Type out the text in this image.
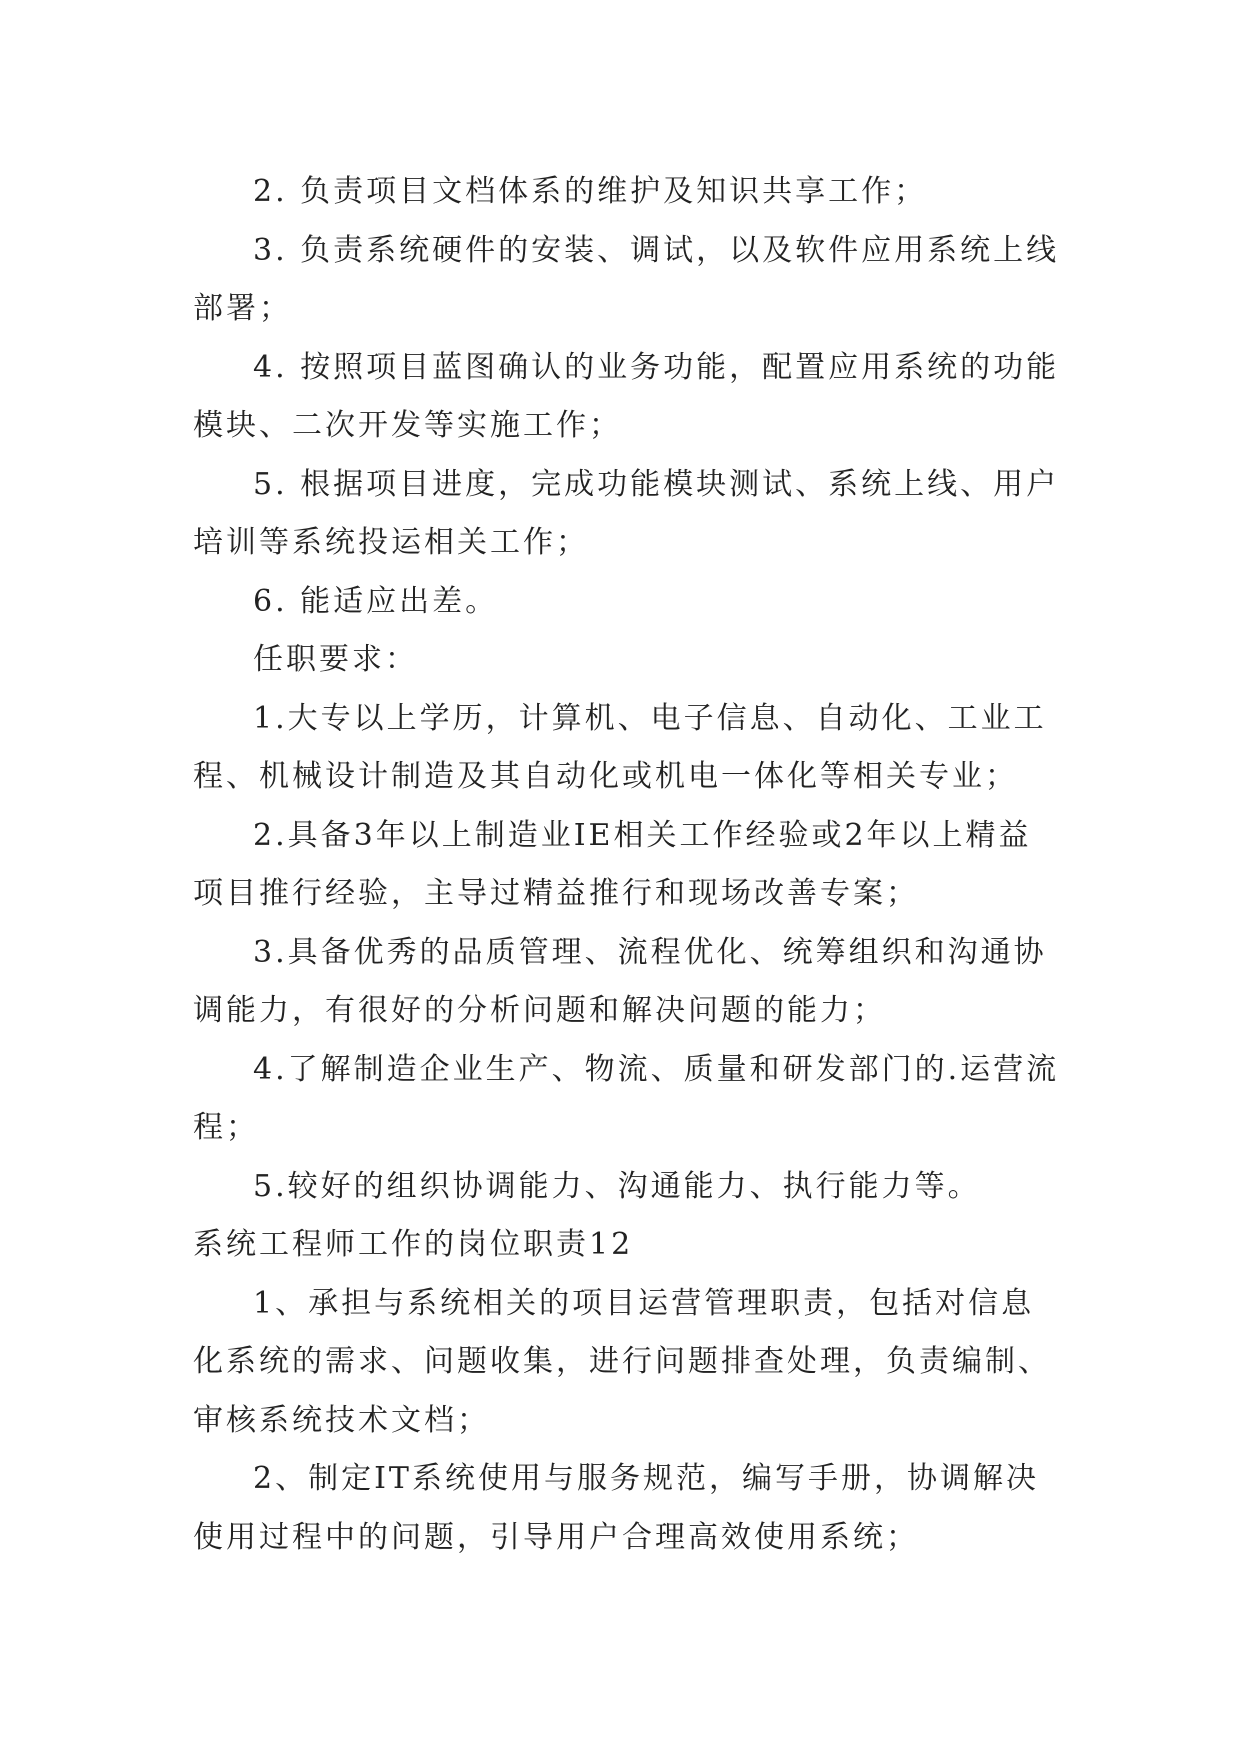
2. 负责项目文档体系的维护及知识共享工作；

3. 负责系统硬件的安装、调试，以及软件应用系统上线部署；

4. 按照项目蓝图确认的业务功能，配置应用系统的功能模块、二次开发等实施工作；

5. 根据项目进度，完成功能模块测试、系统上线、用户培训等系统投运相关工作；

6. 能适应出差。

任职要求：

1.大专以上学历，计算机、电子信息、自动化、工业工程、机械设计制造及其自动化或机电一体化等相关专业；

2.具备3年以上制造业IE相关工作经验或2年以上精益项目推行经验，主导过精益推行和现场改善专案；

3.具备优秀的品质管理、流程优化、统筹组织和沟通协调能力，有很好的分析问题和解决问题的能力；

4.了解制造企业生产、物流、质量和研发部门的.运营流程；

5.较好的组织协调能力、沟通能力、执行能力等。

系统工程师工作的岗位职责12

1、承担与系统相关的项目运营管理职责，包括对信息化系统的需求、问题收集，进行问题排查处理，负责编制、审核系统技术文档；

2、制定IT系统使用与服务规范，编写手册，协调解决使用过程中的问题，引导用户合理高效使用系统；
